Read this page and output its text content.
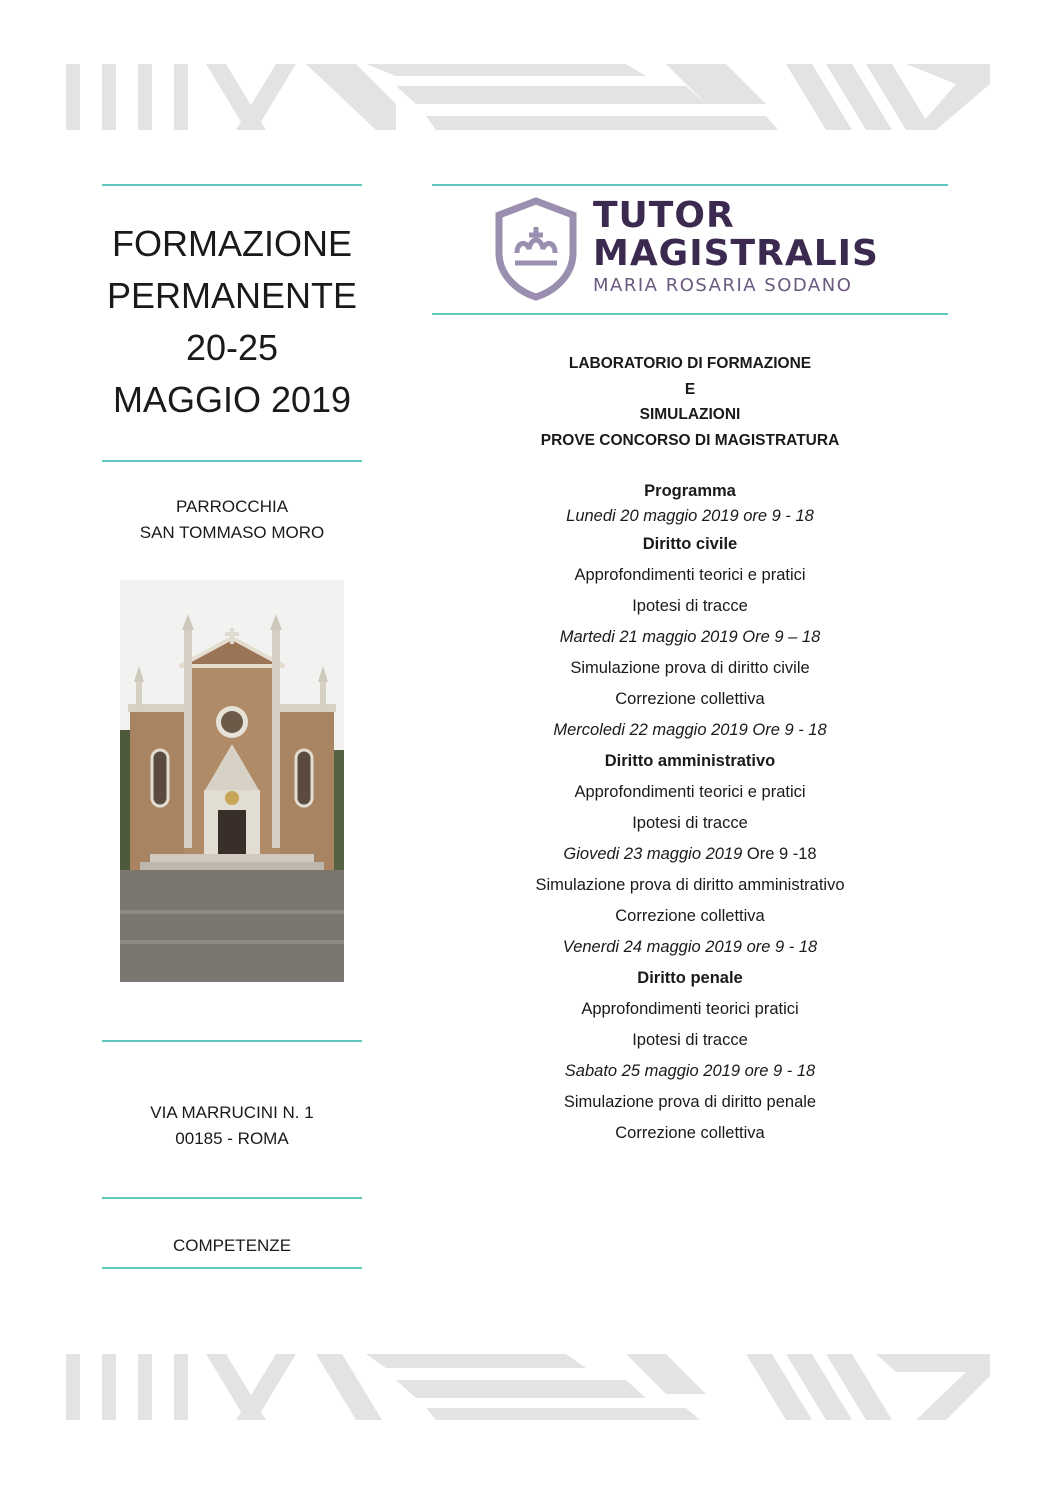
FORMAZIONE
PERMANENTE
20-25
MAGGIO 2019
PARROCCHIA
SAN TOMMASO MORO
VIA MARRUCINI N. 1
00185 - ROMA
COMPETENZE
TUTOR
MAGISTRALIS
MARIA ROSARIA SODANO
LABORATORIO DI FORMAZIONE
E
SIMULAZIONI
PROVE CONCORSO DI MAGISTRATURA
Programma
Lunedi 20 maggio 2019 ore 9 - 18
Diritto civile
Approfondimenti teorici e pratici
Ipotesi di tracce
Martedi 21 maggio 2019 Ore 9 – 18
Simulazione prova di diritto civile
Correzione collettiva
Mercoledi 22 maggio 2019 Ore 9 - 18
Diritto amministrativo
Approfondimenti teorici e pratici
Ipotesi di tracce
Giovedi 23 maggio 2019 Ore 9 -18
Simulazione prova di diritto amministrativo
Correzione collettiva
Venerdi 24 maggio 2019 ore 9 - 18
Diritto penale
Approfondimenti teorici pratici
Ipotesi di tracce
Sabato 25 maggio 2019 ore 9 - 18
Simulazione prova di diritto penale
Correzione collettiva
